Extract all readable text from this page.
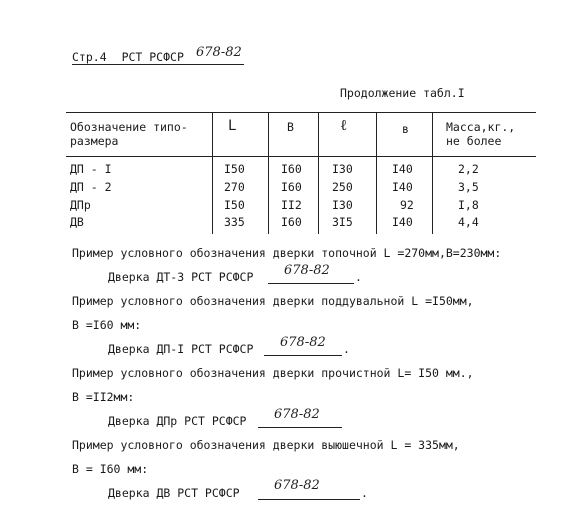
Стр.4 РСТ РСФСР 678-82
Продолжение табл.I
Обозначение типо-
размера
L	B	ℓ	в	Масса,кг.,
не более
ДП - I	I50	I60	I30	I40	2,2
ДП - 2	270	I60	250	I40	3,5
ДПр	I50	II2	I30	92	I,8
ДВ	335	I60	3I5	I40	4,4
Пример условного обозначения дверки топочной L =270мм,B=230мм:
Дверка ДТ-3 РСТ РСФСР 678-82 .
Пример условного обозначения дверки поддувальной L =I50мм,
B =I60 мм:
Дверка ДП-I РСТ РСФСР 678-82 .
Пример условного обозначения дверки прочистной L= I50 мм.,
B =II2мм:
Дверка ДПр РСТ РСФСР 678-82
Пример условного обозначения дверки выюшечной L = 335мм,
B = I60 мм:
Дверка ДВ РСТ РСФСР	678-82	.
